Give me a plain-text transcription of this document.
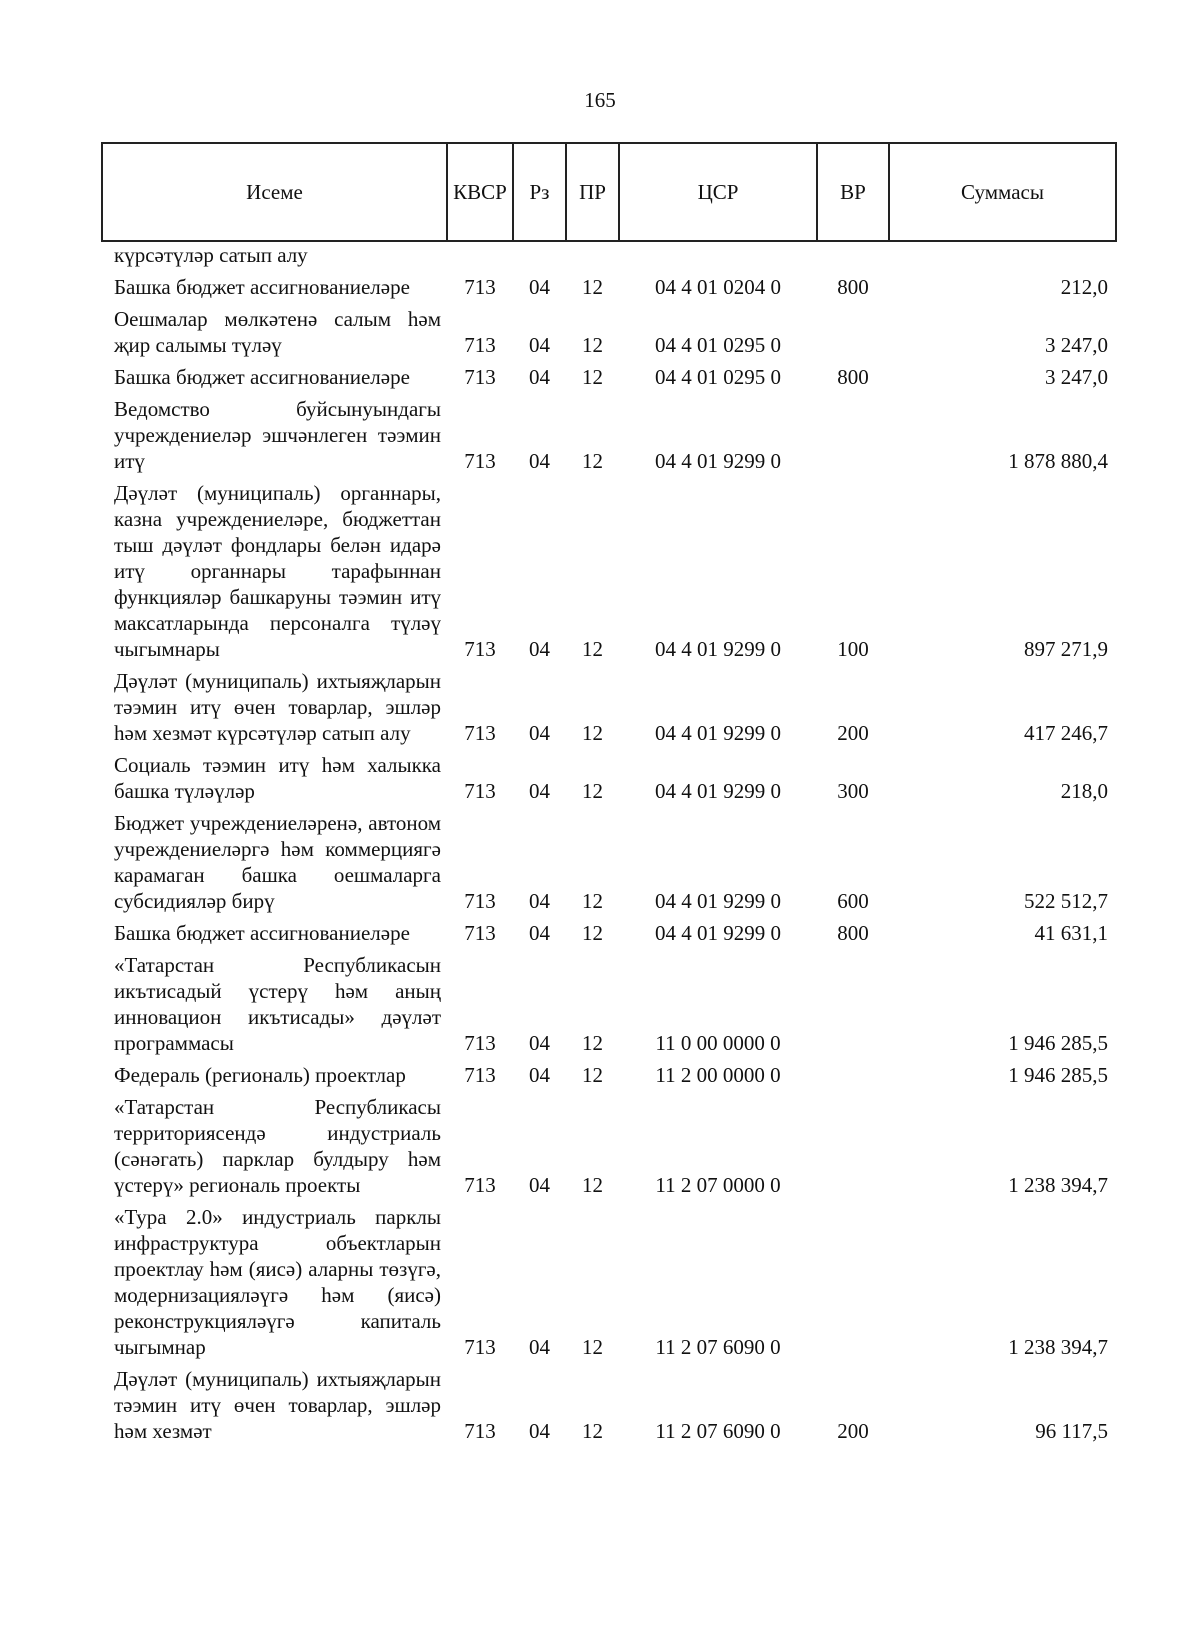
165
Исеме	КВСР	Рз	ПР	ЦСР	ВР	Суммасы
күрсәтүләр сатып алу						
Башка бюджет ассигнованиеләре	713	04	12	04 4 01 0204 0	800	212,0
Оешмалар мөлкәтенә салым һәм җир салымы түләү	713	04	12	04 4 01 0295 0		3 247,0
Башка бюджет ассигнованиеләре	713	04	12	04 4 01 0295 0	800	3 247,0
Ведомство буйсынуындагы учреждениеләр эшчәнлеген тәэмин итү	713	04	12	04 4 01 9299 0		1 878 880,4
Дәүләт (муниципаль) органнары, казна учреждениеләре, бюджеттан тыш дәүләт фондлары белән идарә итү органнары тарафыннан функцияләр башкаруны тәэмин итү максатларында персоналга түләү чыгымнары	713	04	12	04 4 01 9299 0	100	897 271,9
Дәүләт (муниципаль) ихтыяҗларын тәэмин итү өчен товарлар, эшләр һәм хезмәт күрсәтүләр сатып алу	713	04	12	04 4 01 9299 0	200	417 246,7
Социаль тәэмин итү һәм халыкка башка түләүләр	713	04	12	04 4 01 9299 0	300	218,0
Бюджет учреждениеләренә, автоном учреждениеләргә һәм коммерциягә карамаган башка оешмаларга субсидияләр бирү	713	04	12	04 4 01 9299 0	600	522 512,7
Башка бюджет ассигнованиеләре	713	04	12	04 4 01 9299 0	800	41 631,1
«Татарстан Республикасын икътисадый үстерү һәм аның инновацион икътисады» дәүләт программасы	713	04	12	11 0 00 0000 0		1 946 285,5
Федераль (региональ) проектлар	713	04	12	11 2 00 0000 0		1 946 285,5
«Татарстан Республикасы территориясендә индустриаль (сәнәгать) парклар булдыру һәм үстерү» региональ проекты	713	04	12	11 2 07 0000 0		1 238 394,7
«Тура 2.0» индустриаль парклы инфраструктура объектларын проектлау һәм (яисә) аларны төзүгә, модернизацияләүгә һәм (яисә) реконструкцияләүгә капиталь чыгымнар	713	04	12	11 2 07 6090 0		1 238 394,7
Дәүләт (муниципаль) ихтыяҗларын тәэмин итү өчен товарлар, эшләр һәм хезмәт	713	04	12	11 2 07 6090 0	200	96 117,5
